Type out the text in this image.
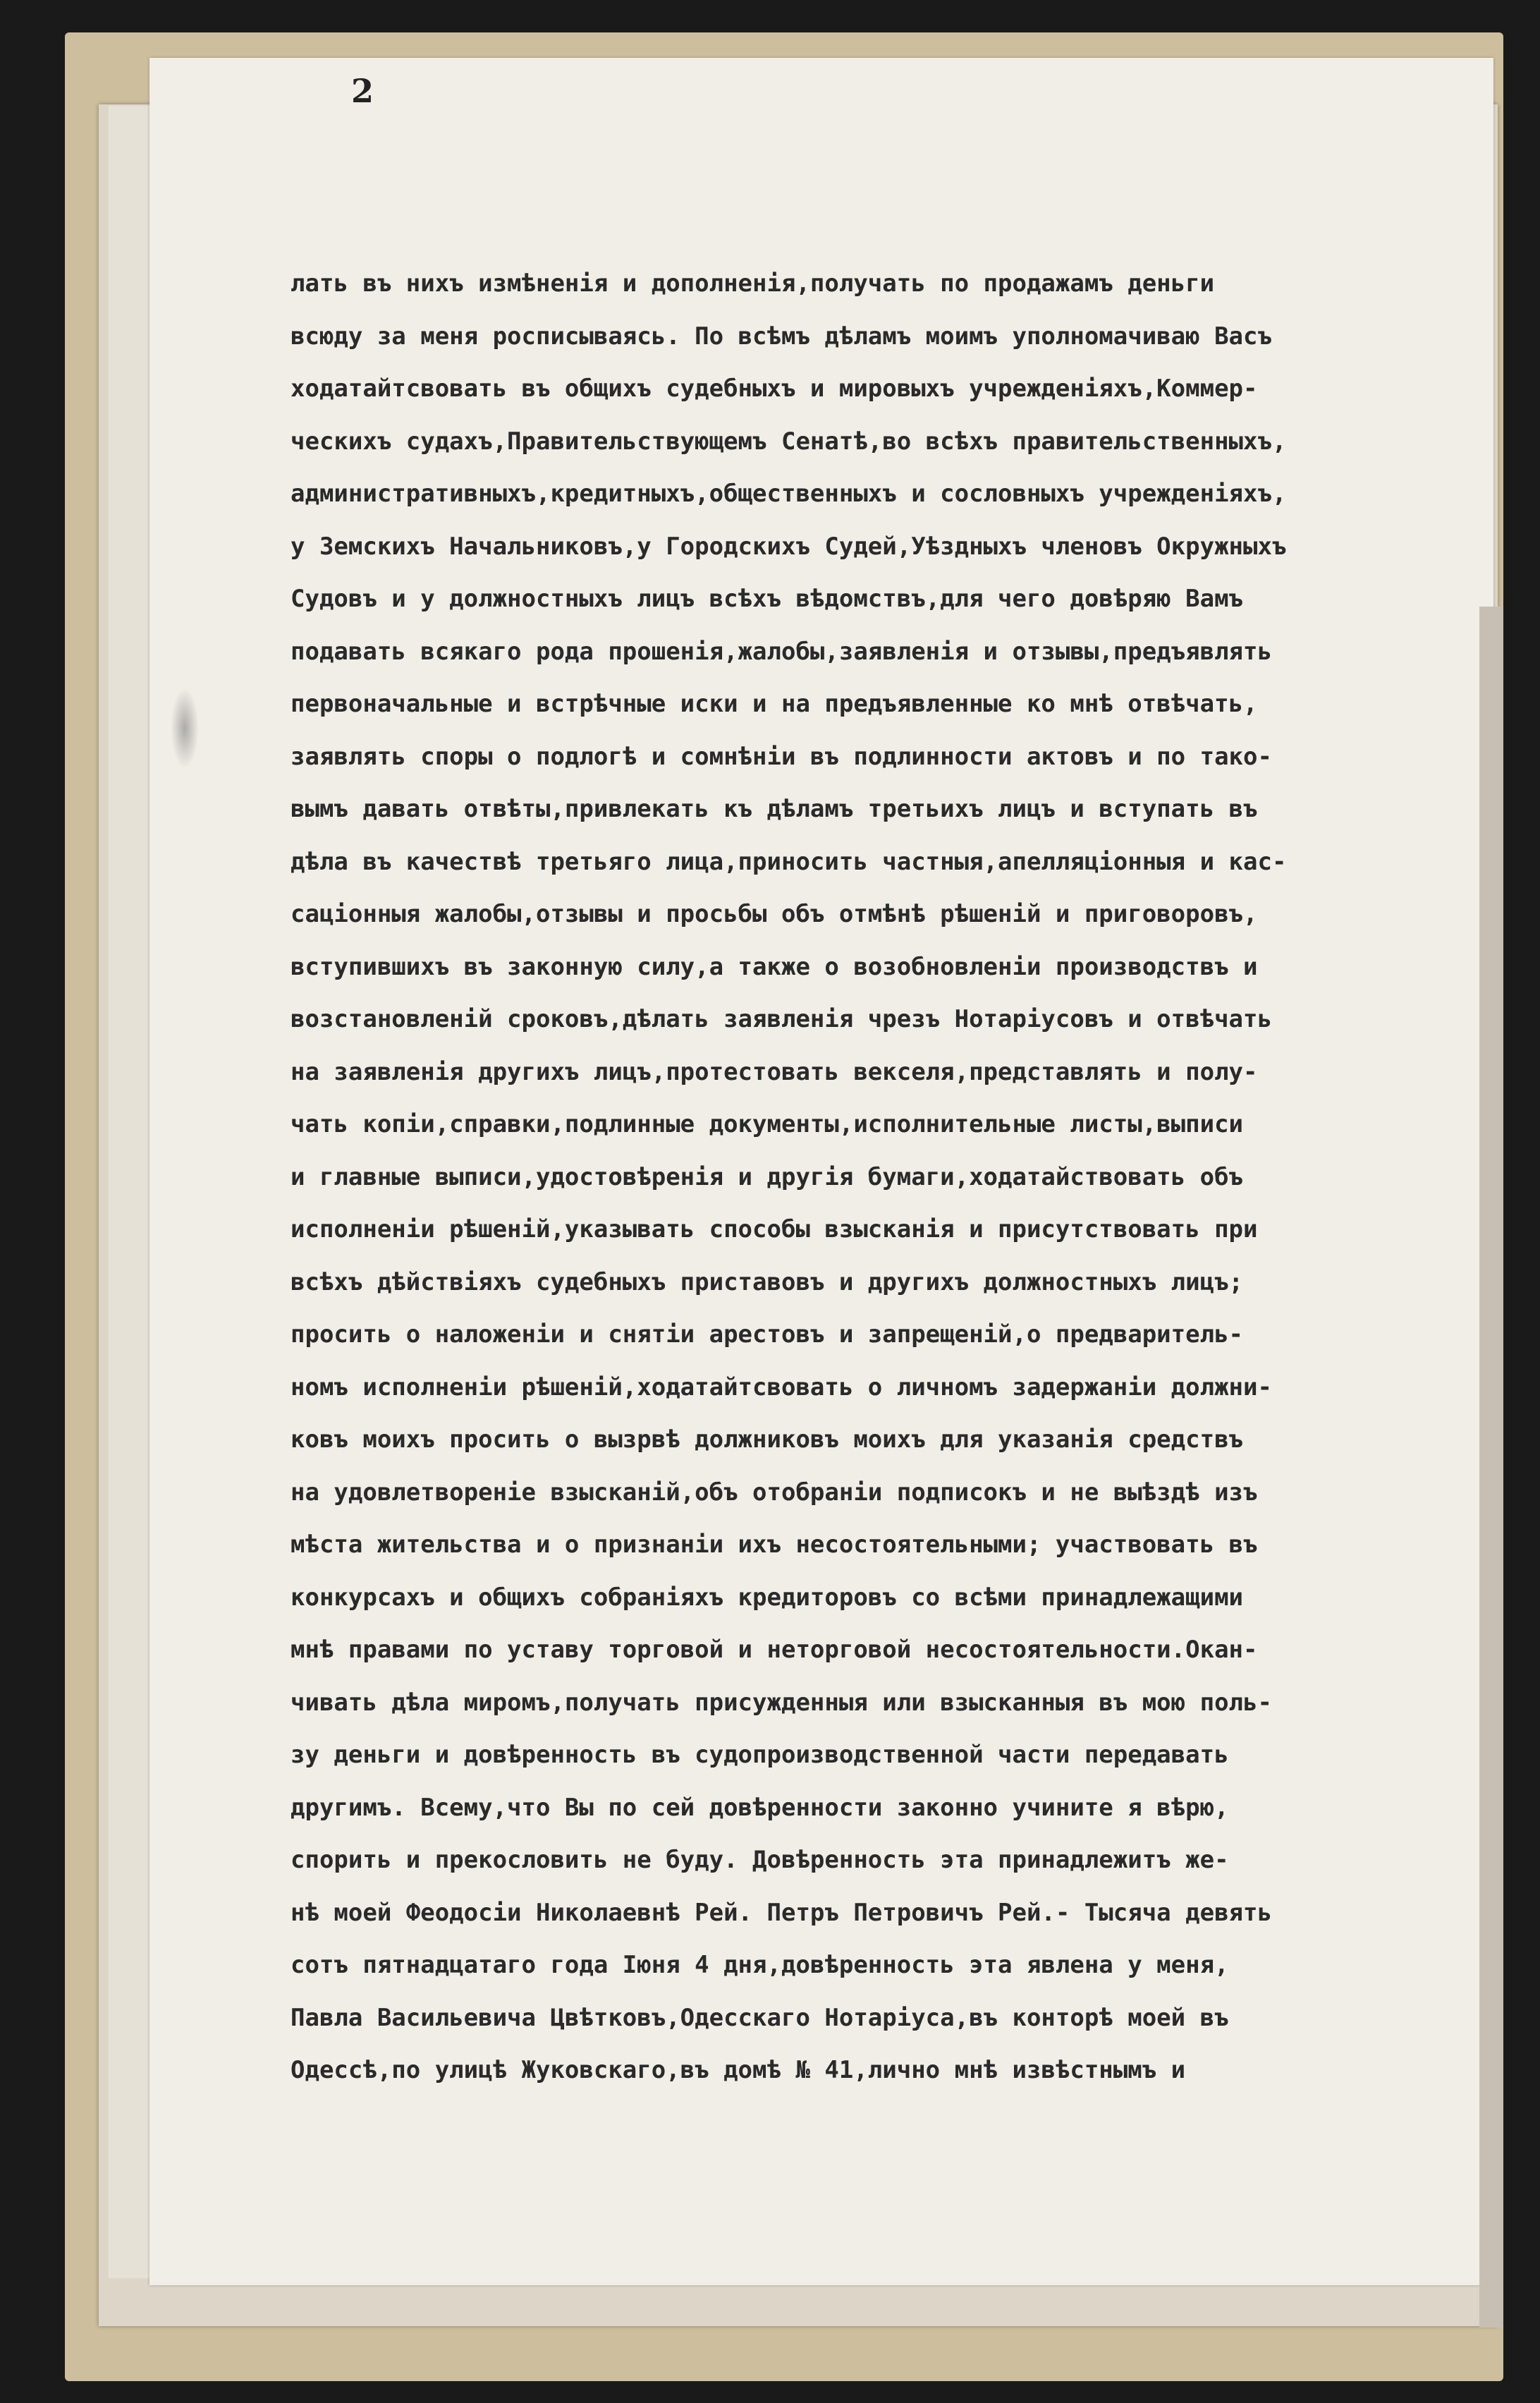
2
лать въ нихъ измѣненія и дополненія,получать по продажамъ деньги
всюду за меня росписываясь. По всѣмъ дѣламъ моимъ уполномачиваю Васъ
ходатайтсвовать въ общихъ судебныхъ и мировыхъ учрежденіяхъ,Коммер-
ческихъ судахъ,Правительствующемъ Сенатѣ,во всѣхъ правительственныхъ,
административныхъ,кредитныхъ,общественныхъ и сословныхъ учрежденіяхъ,
у Земскихъ Начальниковъ,у Городскихъ Судей,Уѣздныхъ членовъ Окружныхъ
Судовъ и у должностныхъ лицъ всѣхъ вѣдомствъ,для чего довѣряю Вамъ
подавать всякаго рода прошенія,жалобы,заявленія и отзывы,предъявлять
первоначальные и встрѣчные иски и на предъявленные ко мнѣ отвѣчать,
заявлять споры о подлогѣ и сомнѣніи въ подлинности актовъ и по тако-
вымъ давать отвѣты,привлекать къ дѣламъ третьихъ лицъ и вступать въ
дѣла въ качествѣ третьяго лица,приносить частныя,апелляціонныя и кас-
саціонныя жалобы,отзывы и просьбы объ отмѣнѣ рѣшеній и приговоровъ,
вступившихъ въ законную силу,а также о возобновленіи производствъ и
возстановленій сроковъ,дѣлать заявленія чрезъ Нотаріусовъ и отвѣчать
на заявленія другихъ лицъ,протестовать векселя,представлять и полу-
чать копіи,справки,подлинные документы,исполнительные листы,выписи
и главные выписи,удостовѣренія и другія бумаги,ходатайствовать объ
исполненіи рѣшеній,указывать способы взысканія и присутствовать при
всѣхъ дѣйствіяхъ судебныхъ приставовъ и другихъ должностныхъ лицъ;
просить о наложеніи и снятіи арестовъ и запрещеній,о предваритель-
номъ исполненіи рѣшеній,ходатайтсвовать о личномъ задержаніи должни-
ковъ моихъ просить о вызрвѣ должниковъ моихъ для указанія средствъ
на удовлетвореніе взысканій,объ отобраніи подписокъ и не выѣздѣ изъ
мѣста жительства и о признаніи ихъ несостоятельными; участвовать въ
конкурсахъ и общихъ собраніяхъ кредиторовъ со всѣми принадлежащими
мнѣ правами по уставу торговой и неторговой несостоятельности.Окан-
чивать дѣла миромъ,получать присужденныя или взысканныя въ мою поль-
зу деньги и довѣренность въ судопроизводственной части передавать
другимъ. Всему,что Вы по сей довѣренности законно учините я вѣрю,
спорить и прекословить не буду. Довѣренность эта принадлежитъ же-
нѣ моей Феодосіи Николаевнѣ Рей. Петръ Петровичъ Рей.- Тысяча девять
сотъ пятнадцатаго года Іюня 4 дня,довѣренность эта явлена у меня,
Павла Васильевича Цвѣтковъ,Одесскаго Нотаріуса,въ конторѣ моей въ
Одессѣ,по улицѣ Жуковскаго,въ домѣ № 41,лично мнѣ извѣстнымъ и
